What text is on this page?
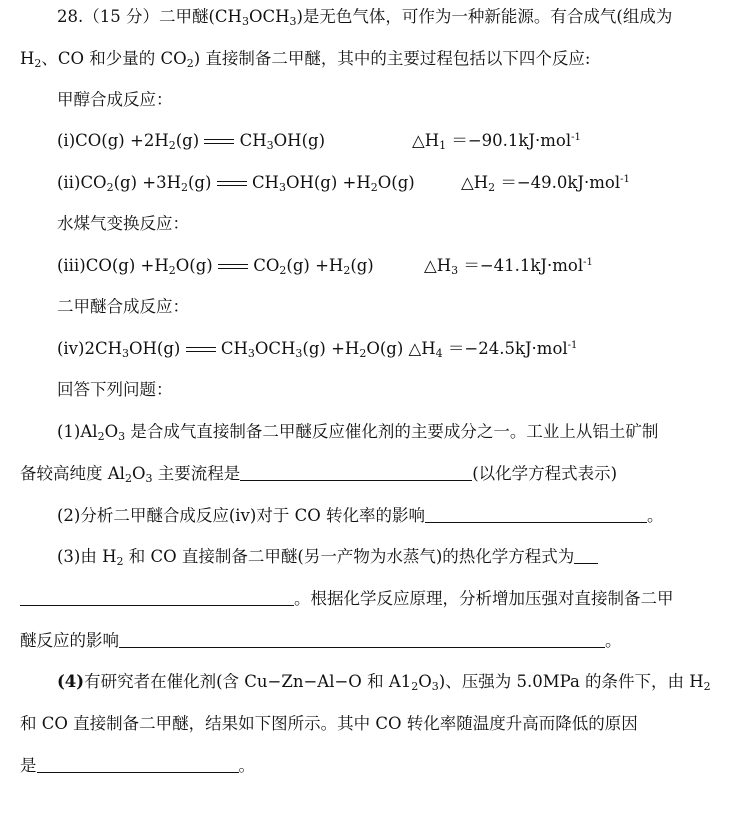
28.（15 分）二甲醚$(CH_3OCH_3)$是无色气体，可作为一种新能源。有合成气(组成为
$H_2$、CO 和少量的 $CO_2$) 直接制备二甲醚，其中的主要过程包括以下四个反应:
甲醇合成反应：
(ⅰ)CO(g) $+2H_2(g)$ $CH_3OH(g)$	$\triangle H_1 =-90.1kJ\cdot mol^{-1}$
$(ⅱ)CO_2(g) +3H_2(g)$ $CH_3OH(g) +H_2O(g)$	$\triangle H_2 =-49.0kJ\cdot mol^{-1}$
水煤气变换反应：
(ⅲ)CO(g) $+H_2O(g)$ $CO_2(g) +H_2(g)$	$\triangle H_3 =-41.1kJ\cdot mol^{-1}$
二甲醚合成反应：
$(ⅳ)2CH_3OH(g)$ $CH_3OCH_3(g) +H_2O(g)$ $\triangle H_4 =-24.5kJ\cdot mol^{-1}$
回答下列问题：
$(1)Al_2O_3$ 是合成气直接制备二甲醚反应催化剂的主要成分之一。工业上从铝土矿制
备较高纯度 $Al_2O_3$ 主要流程是	(以化学方程式表示)
(2)分析二甲醚合成反应(ⅳ)对于 CO 转化率的影响	。
(3)由 $H_2$ 和 CO 直接制备二甲醚(另一产物为水蒸气)的热化学方程式为
。根据化学反应原理，分析增加压强对直接制备二甲
醚反应的影响	。
(4)有研究者在催化剂(含 Cu−Zn−Al−O 和 $A1_2O_3$)、压强为 5.0MPa 的条件下，由 $H_2$
和 CO 直接制备二甲醚，结果如下图所示。其中 CO 转化率随温度升高而降低的原因
是	。
